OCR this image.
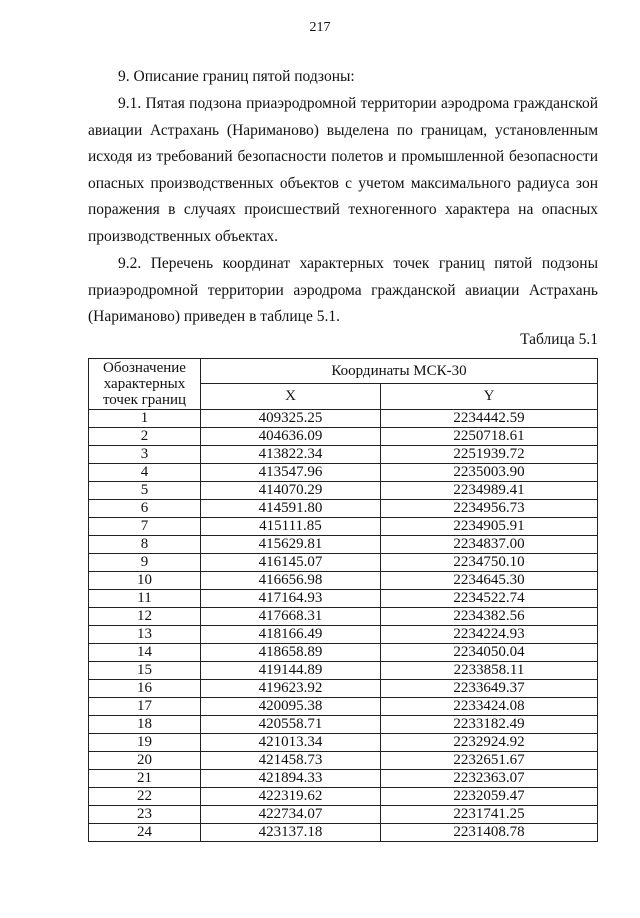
217
9. Описание границ пятой подзоны:
9.1. Пятая подзона приаэродромной территории аэродрома гражданской авиации Астрахань (Нариманово) выделена по границам, установленным исходя из требований безопасности полетов и промышленной безопасности опасных производственных объектов с учетом максимального радиуса зон поражения в случаях происшествий техногенного характера на опасных производственных объектах.
9.2. Перечень координат характерных точек границ пятой подзоны приаэродромной территории аэродрома гражданской авиации Астрахань (Нариманово) приведен в таблице 5.1.
Таблица 5.1
Обозначение характерных точек границ	Координаты МСК-30	
	X	Y
1	409325.25	2234442.59
2	404636.09	2250718.61
3	413822.34	2251939.72
4	413547.96	2235003.90
5	414070.29	2234989.41
6	414591.80	2234956.73
7	415111.85	2234905.91
8	415629.81	2234837.00
9	416145.07	2234750.10
10	416656.98	2234645.30
11	417164.93	2234522.74
12	417668.31	2234382.56
13	418166.49	2234224.93
14	418658.89	2234050.04
15	419144.89	2233858.11
16	419623.92	2233649.37
17	420095.38	2233424.08
18	420558.71	2233182.49
19	421013.34	2232924.92
20	421458.73	2232651.67
21	421894.33	2232363.07
22	422319.62	2232059.47
23	422734.07	2231741.25
24	423137.18	2231408.78
